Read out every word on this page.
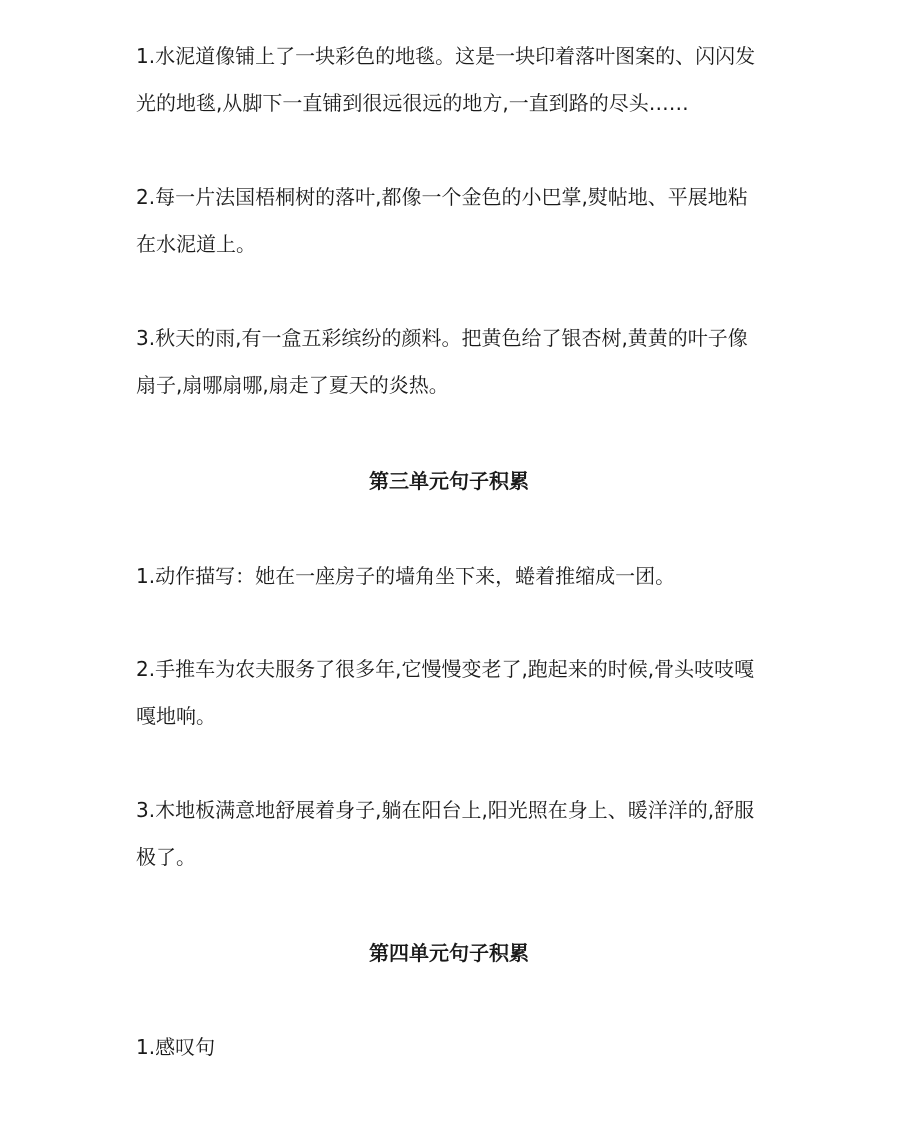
1.水泥道像铺上了一块彩色的地毯。这是一块印着落叶图案的、闪闪发光的地毯,从脚下一直铺到很远很远的地方,一直到路的尽头……

2.每一片法国梧桐树的落叶,都像一个金色的小巴掌,熨帖地、平展地粘在水泥道上。

3.秋天的雨,有一盒五彩缤纷的颜料。把黄色给了银杏树,黄黄的叶子像扇子,扇哪扇哪,扇走了夏天的炎热。

第三单元句子积累

1.动作描写：她在一座房子的墙角坐下来，蜷着推缩成一团。

2.手推车为农夫服务了很多年,它慢慢变老了,跑起来的时候,骨头吱吱嘎嘎地响。

3.木地板满意地舒展着身子,躺在阳台上,阳光照在身上、暖洋洋的,舒服极了。

第四单元句子积累

1.感叹句
